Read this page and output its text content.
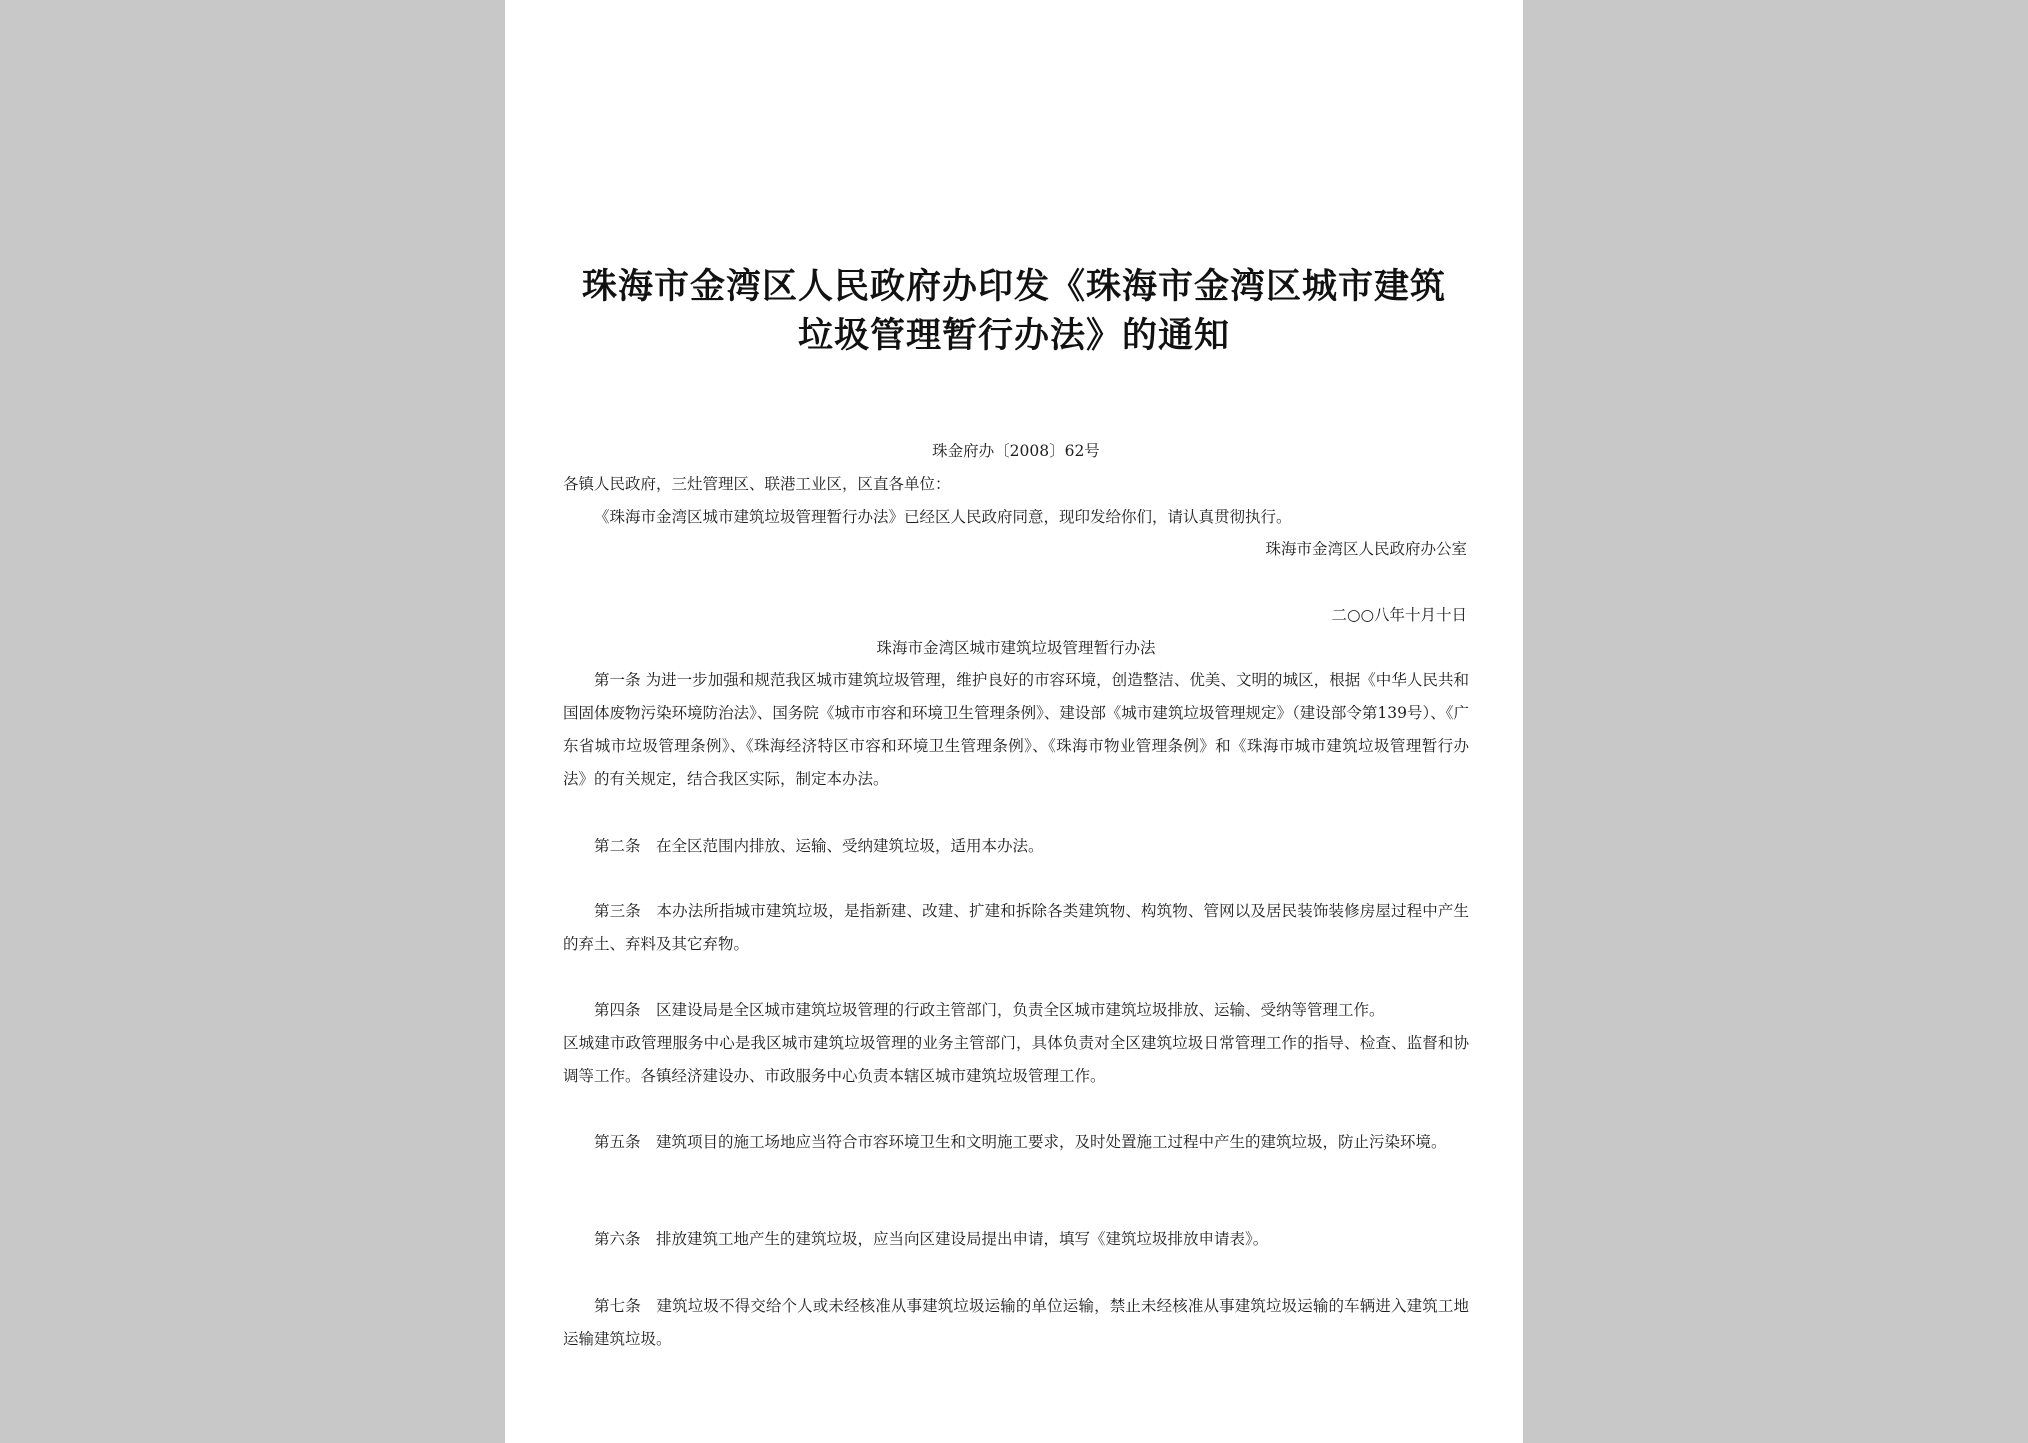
珠海市金湾区人民政府办印发《珠海市金湾区城市建筑
垃圾管理暂行办法》的通知
珠金府办〔2008〕62号
各镇人民政府，三灶管理区、联港工业区，区直各单位：
《珠海市金湾区城市建筑垃圾管理暂行办法》已经区人民政府同意，现印发给你们，请认真贯彻执行。
珠海市金湾区人民政府办公室
二○○八年十月十日
珠海市金湾区城市建筑垃圾管理暂行办法

第一条 为进一步加强和规范我区城市建筑垃圾管理，维护良好的市容环境，创造整洁、优美、文明的城区，根据《中华人民共和国固体废物污染环境防治法》、国务院《城市市容和环境卫生管理条例》、建设部《城市建筑垃圾管理规定》（建设部令第139号）、《广东省城市垃圾管理条例》、《珠海经济特区市容和环境卫生管理条例》、《珠海市物业管理条例》和《珠海市城市建筑垃圾管理暂行办法》的有关规定，结合我区实际，制定本办法。

第二条　在全区范围内排放、运输、受纳建筑垃圾，适用本办法。

第三条　本办法所指城市建筑垃圾，是指新建、改建、扩建和拆除各类建筑物、构筑物、管网以及居民装饰装修房屋过程中产生的弃土、弃料及其它弃物。

第四条　区建设局是全区城市建筑垃圾管理的行政主管部门，负责全区城市建筑垃圾排放、运输、受纳等管理工作。
区城建市政管理服务中心是我区城市建筑垃圾管理的业务主管部门，具体负责对全区建筑垃圾日常管理工作的指导、检查、监督和协调等工作。各镇经济建设办、市政服务中心负责本辖区城市建筑垃圾管理工作。

第五条　建筑项目的施工场地应当符合市容环境卫生和文明施工要求，及时处置施工过程中产生的建筑垃圾，防止污染环境。

第六条　排放建筑工地产生的建筑垃圾，应当向区建设局提出申请，填写《建筑垃圾排放申请表》。

第七条　建筑垃圾不得交给个人或未经核准从事建筑垃圾运输的单位运输，禁止未经核准从事建筑垃圾运输的车辆进入建筑工地运输建筑垃圾。
